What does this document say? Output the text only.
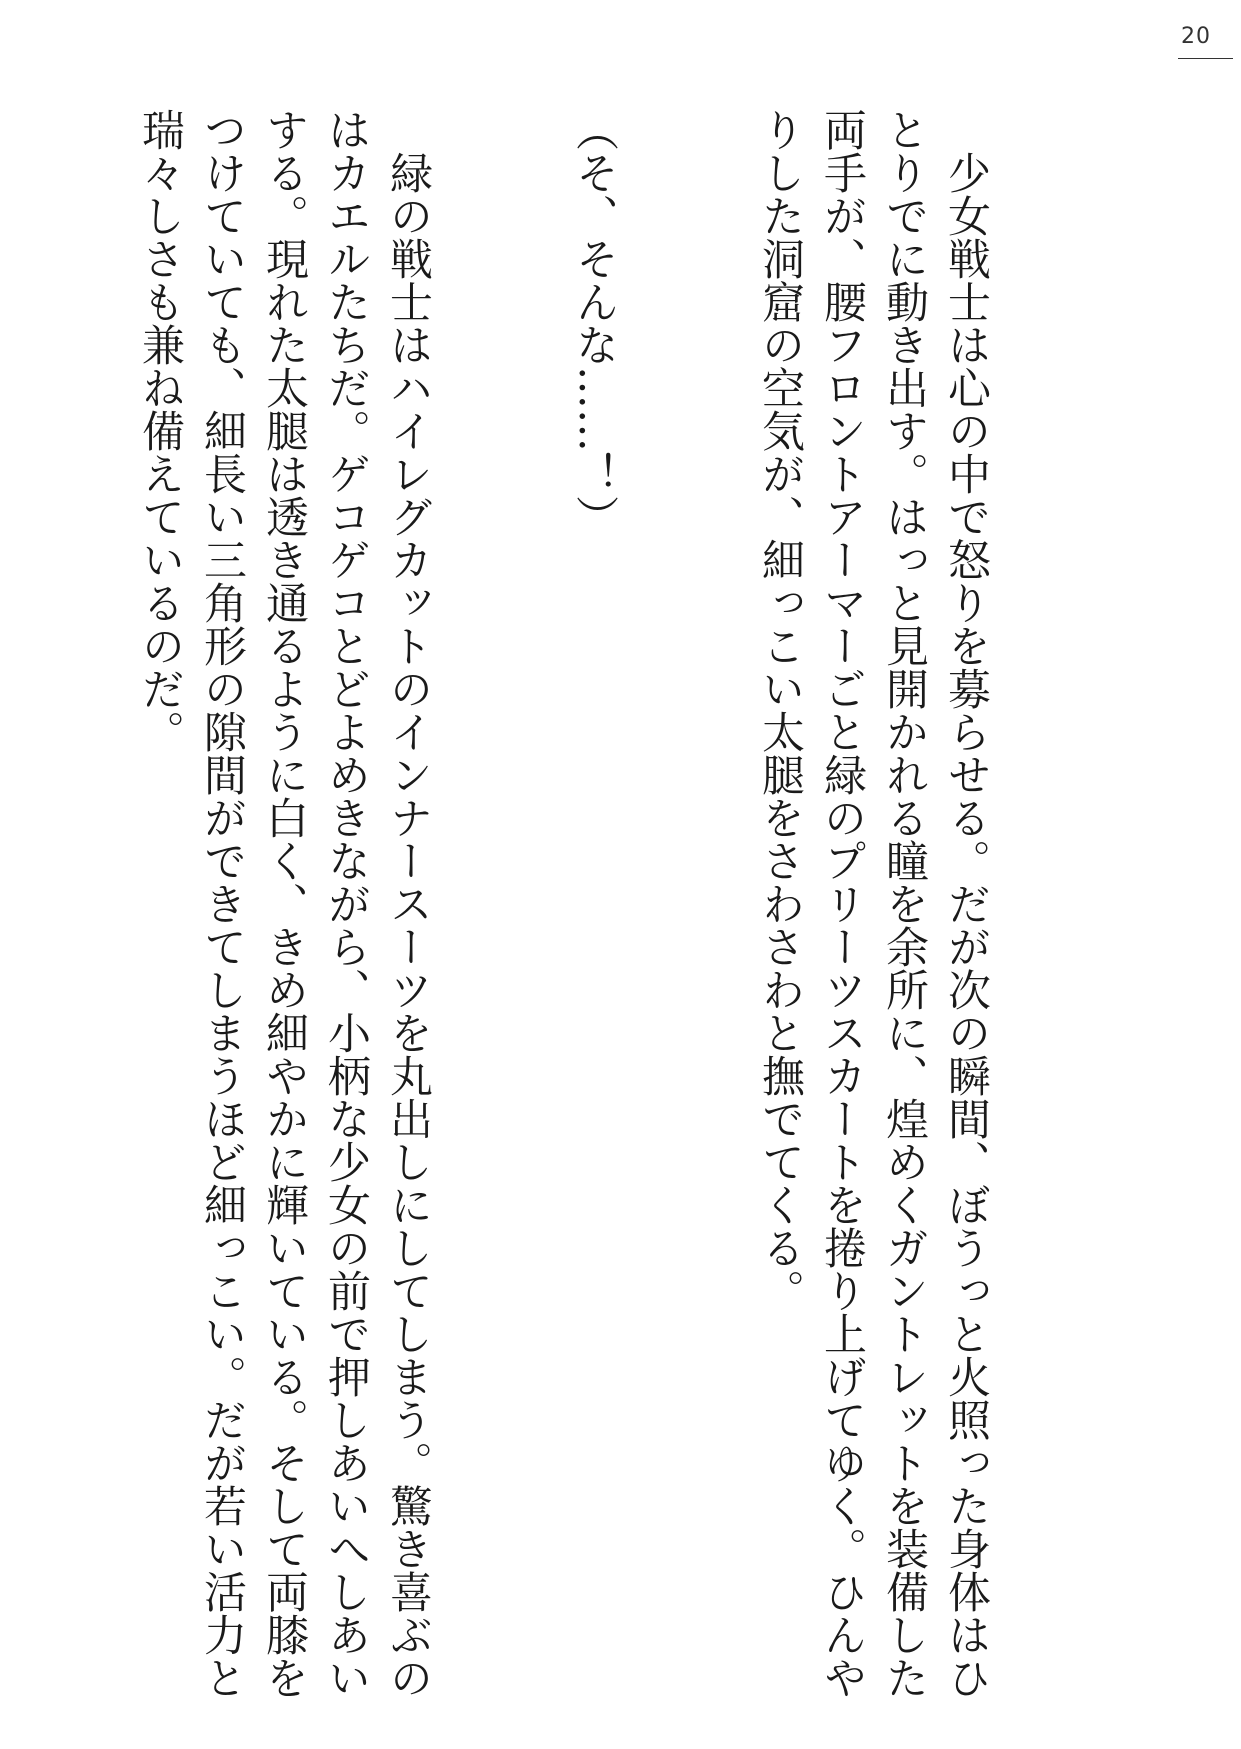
20

　少女戦士は心の中で怒りを募らせる。だが次の瞬間、ぼうっと火照った身体はひとりでに動き出す。はっと見開かれる瞳を余所に、煌めくガントレットを装備した両手が、腰フロントアーマーごと緑のプリーツスカートを捲り上げてゆく。ひんやりした洞窟の空気が、細っこい太腿をさわさわと撫でてくる。

（そ、そんな……！）

　緑の戦士はハイレグカットのインナースーツを丸出しにしてしまう。驚き喜ぶのはカエルたちだ。ゲコゲコとどよめきながら、小柄な少女の前で押しあいへしあいする。現れた太腿は透き通るように白く、きめ細やかに輝いている。そして両膝をつけていても、細長い三角形の隙間ができてしまうほど細っこい。だが若い活力と瑞々しさも兼ね備えているのだ。
